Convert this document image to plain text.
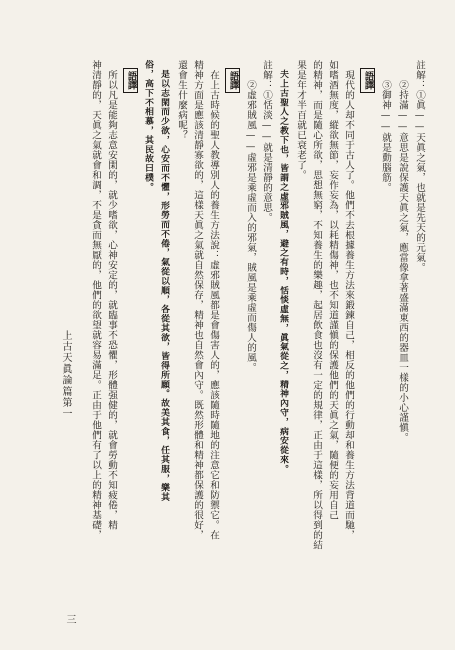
註解：①眞——天眞之氣，也就是先天的元氣。
　　②持滿——意思是說保護天眞之氣，應當像拿著盛滿東西的器皿一樣的小心謹愼。
　　③御神——就是動腦筋。
語譯
　現代的人却不同于古人了。他們不去根據養生方法來鍛鍊自己，相反的他們的行動却和養生方法背道而馳，
如嗜酒無度，縱欲無節，妄作妄為，以耗精傷神，也不知道謹愼的保護他們的天眞之氣，隨便的妄用自己
的精神，而是隨心所欲，思想無窮，不知養生的樂趣，起居飲食也沒有一定的規律，正由于這樣，所以得到的結
果是年才半百就已衰老了。
　夫上古聖人之教下也，皆謂之虛邪賊風，避之有時，恬惔虛無，眞氣從之，精神內守，病安從來。
註解：①恬淡——就是清靜的意思。
　　②虛邪賊風——虛邪是乘虛而入的邪氣，賊風是乘虛而傷人的風。
語譯
　在上古時候的聖人教導別人的養生方法說：虛邪賊風都是會傷害人的，應該隨時隨地的注意它和防禦它。在
精神方面是應該清靜寡欲的，這樣天眞之氣就自然保存，精神也自然會內守。既然形體和精神都保護的很好，
還會生什麼病呢？
　是以志閑而少欲，心安而不懼，形勞而不倦，氣從以順，各從其欲，皆得所願。故美其食，任其服，樂其
俗，高下不相慕，其民故曰樸。
語譯
　所以凡是能夠志意安閑的，就少嗜欲，心神安定的，就臨事不恐懼，形體强健的，就會勞動不知疲倦，精
神清靜的，天眞之氣就會和調，不是貪而無厭的，他們的欲望就容易滿足。正由于他們有了以上的精神基礎，
上古天眞論篇第一
三
